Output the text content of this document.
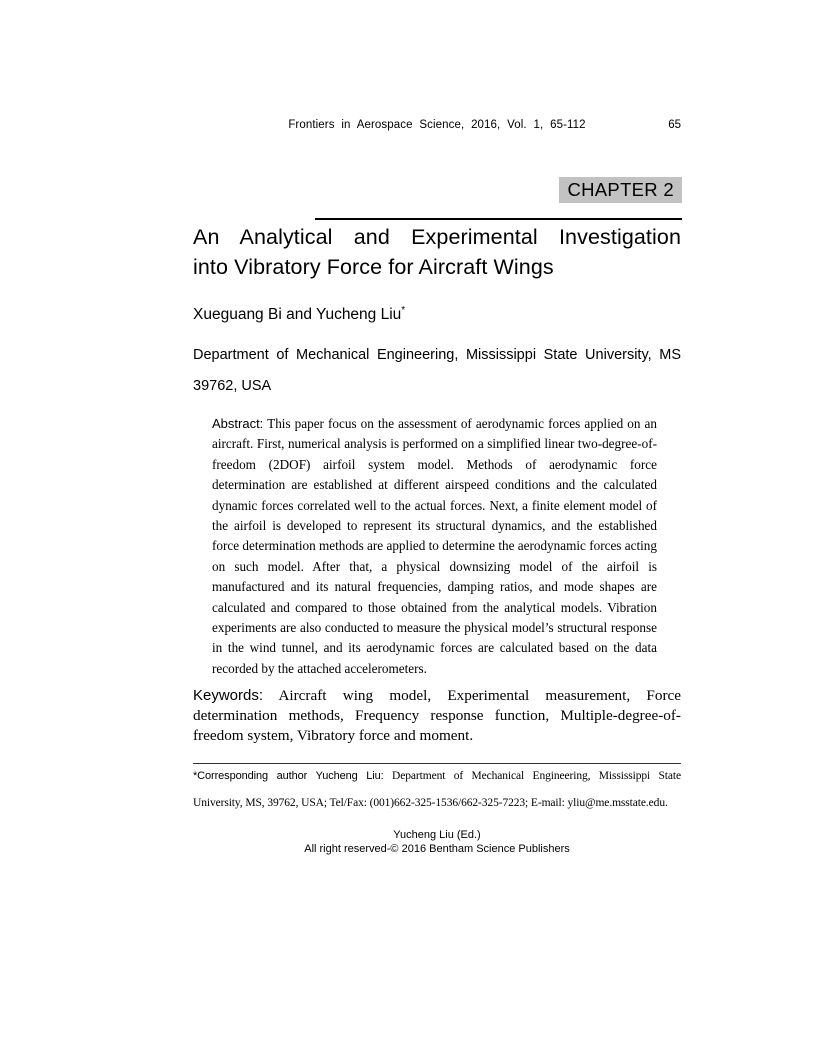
Frontiers in Aerospace Science, 2016, Vol. 1, 65-112	65
CHAPTER 2
An Analytical and Experimental Investigation
into Vibratory Force for Aircraft Wings
Xueguang Bi and Yucheng Liu*
Department of Mechanical Engineering, Mississippi State University, MS
39762, USA
Abstract: This paper focus on the assessment of aerodynamic forces applied on an aircraft. First, numerical analysis is performed on a simplified linear two-degree-of-freedom (2DOF) airfoil system model. Methods of aerodynamic force determination are established at different airspeed conditions and the calculated dynamic forces correlated well to the actual forces. Next, a finite element model of the airfoil is developed to represent its structural dynamics, and the established force determination methods are applied to determine the aerodynamic forces acting on such model. After that, a physical downsizing model of the airfoil is manufactured and its natural frequencies, damping ratios, and mode shapes are calculated and compared to those obtained from the analytical models. Vibration experiments are also conducted to measure the physical model’s structural response in the wind tunnel, and its aerodynamic forces are calculated based on the data recorded by the attached accelerometers.
Keywords: Aircraft wing model, Experimental measurement, Force determination methods, Frequency response function, Multiple-degree-of-freedom system, Vibratory force and moment.
*Corresponding author Yucheng Liu: Department of Mechanical Engineering, Mississippi State University, MS, 39762, USA; Tel/Fax: (001)662-325-1536/662-325-7223; E-mail: yliu@me.msstate.edu.
Yucheng Liu (Ed.)
All right reserved-© 2016 Bentham Science Publishers
